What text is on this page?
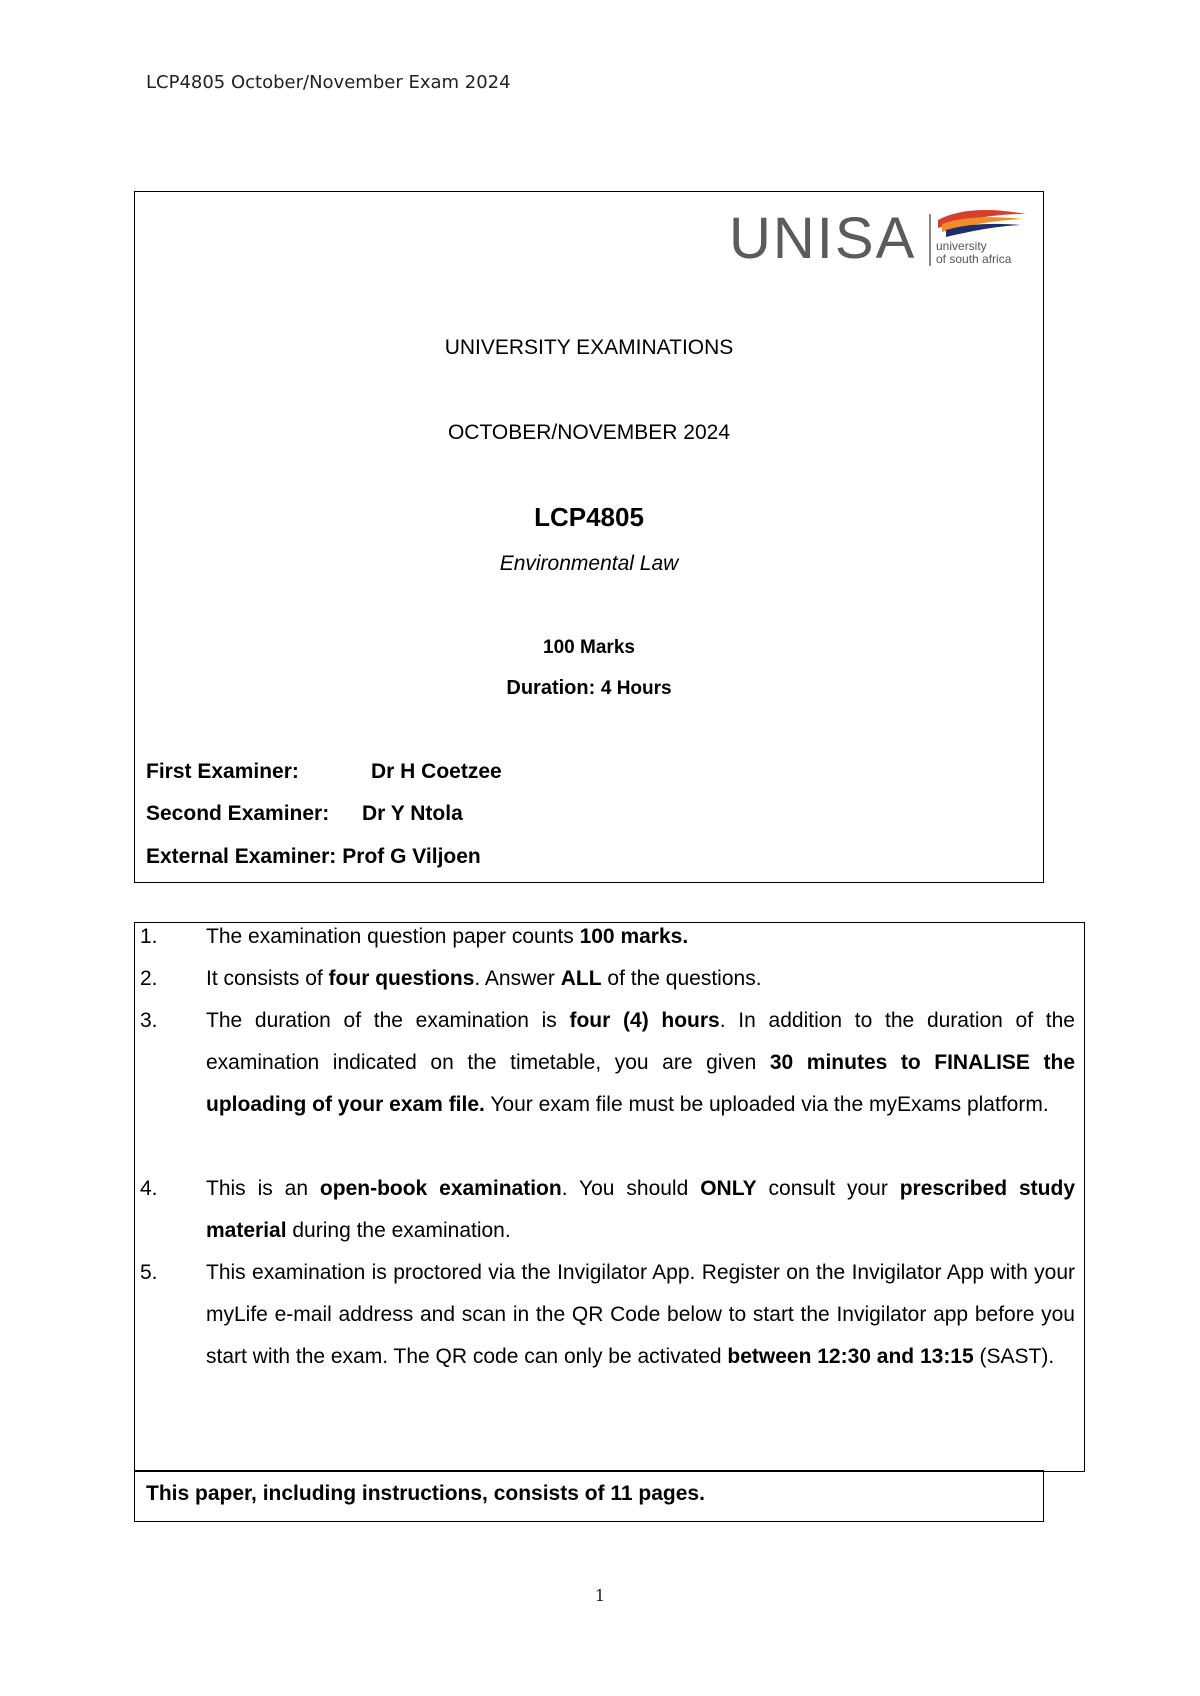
LCP4805 October/November Exam 2024
UNISA university
of south africa
UNIVERSITY EXAMINATIONS
OCTOBER/NOVEMBER 2024
LCP4805
Environmental Law
100 Marks
Duration: 4 Hours
First Examiner:	Dr H Coetzee
Second Examiner: Dr Y Ntola
External Examiner: Prof G Viljoen
1.	The examination question paper counts 100 marks.
2.	It consists of four questions. Answer ALL of the questions.
3.	The duration of the examination is four (4) hours. In addition to the duration of the examination indicated on the timetable, you are given 30 minutes to FINALISE the uploading of your exam file. Your exam file must be uploaded via the myExams platform.
4.	This is an open-book examination. You should ONLY consult your prescribed study material during the examination.
5.	This examination is proctored via the Invigilator App. Register on the Invigilator App with your myLife e-mail address and scan in the QR Code below to start the Invigilator app before you start with the exam. The QR code can only be activated between 12:30 and 13:15 (SAST).
This paper, including instructions, consists of 11 pages.
1
